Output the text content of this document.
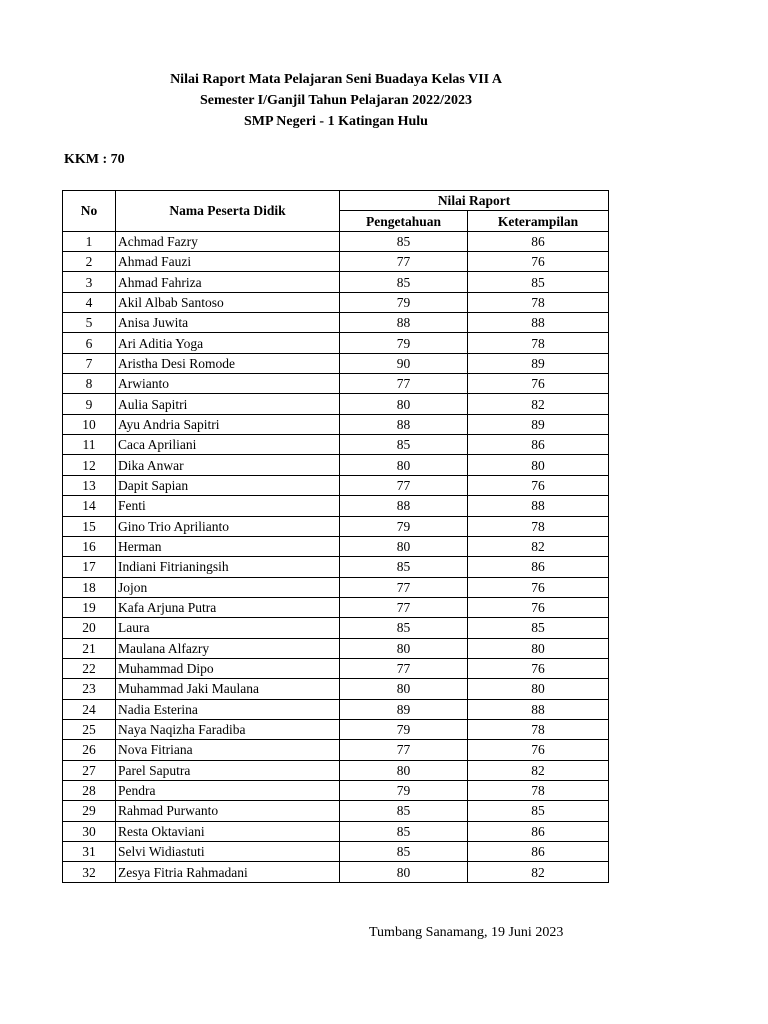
Nilai Raport Mata Pelajaran Seni Buadaya Kelas VII A
Semester I/Ganjil Tahun Pelajaran 2022/2023
SMP Negeri - 1 Katingan Hulu
KKM : 70
No	Nama Peserta Didik	Nilai Raport	
		Pengetahuan	Keterampilan
1	Achmad Fazry	85	86
2	Ahmad Fauzi	77	76
3	Ahmad Fahriza	85	85
4	Akil Albab Santoso	79	78
5	Anisa Juwita	88	88
6	Ari Aditia Yoga	79	78
7	Aristha Desi Romode	90	89
8	Arwianto	77	76
9	Aulia Sapitri	80	82
10	Ayu Andria Sapitri	88	89
11	Caca Apriliani	85	86
12	Dika Anwar	80	80
13	Dapit Sapian	77	76
14	Fenti	88	88
15	Gino Trio Aprilianto	79	78
16	Herman	80	82
17	Indiani Fitrianingsih	85	86
18	Jojon	77	76
19	Kafa Arjuna Putra	77	76
20	Laura	85	85
21	Maulana Alfazry	80	80
22	Muhammad Dipo	77	76
23	Muhammad Jaki Maulana	80	80
24	Nadia Esterina	89	88
25	Naya Naqizha Faradiba	79	78
26	Nova Fitriana	77	76
27	Parel Saputra	80	82
28	Pendra	79	78
29	Rahmad Purwanto	85	85
30	Resta Oktaviani	85	86
31	Selvi Widiastuti	85	86
32	Zesya Fitria Rahmadani	80	82
Tumbang Sanamang, 19 Juni 2023
